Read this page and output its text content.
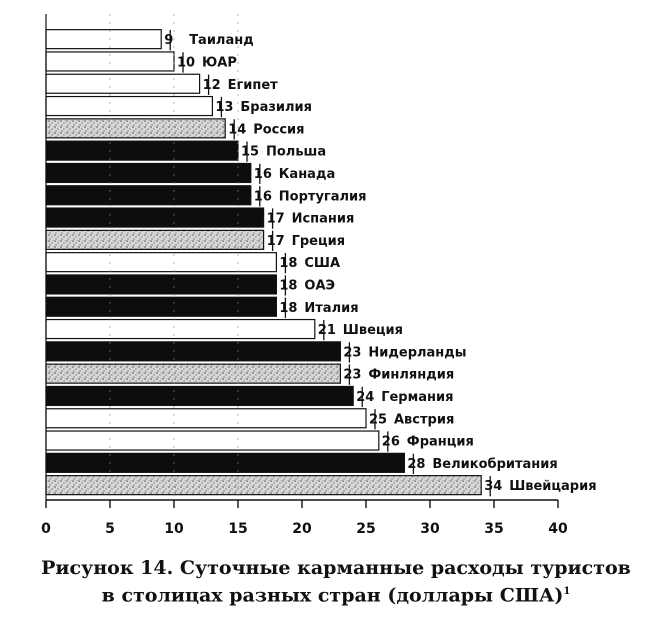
9 Таиланд
10 ЮАР
12 Египет
13 Бразилия
14 Россия
15 Польша
16 Канада
16 Португалия
17 Испания
17 Греция
18 США
18 ОАЭ
18 Италия
21 Швеция
23 Нидерланды
23 Финляндия
24 Германия
25 Австрия
26 Франция
28 Великобритания
34 Швейцария
0	5	10	15	20	25	30	35	40
Рисунок 14. Суточные карманные расходы туристов
в столицах разных стран (доллары США)$^1$
